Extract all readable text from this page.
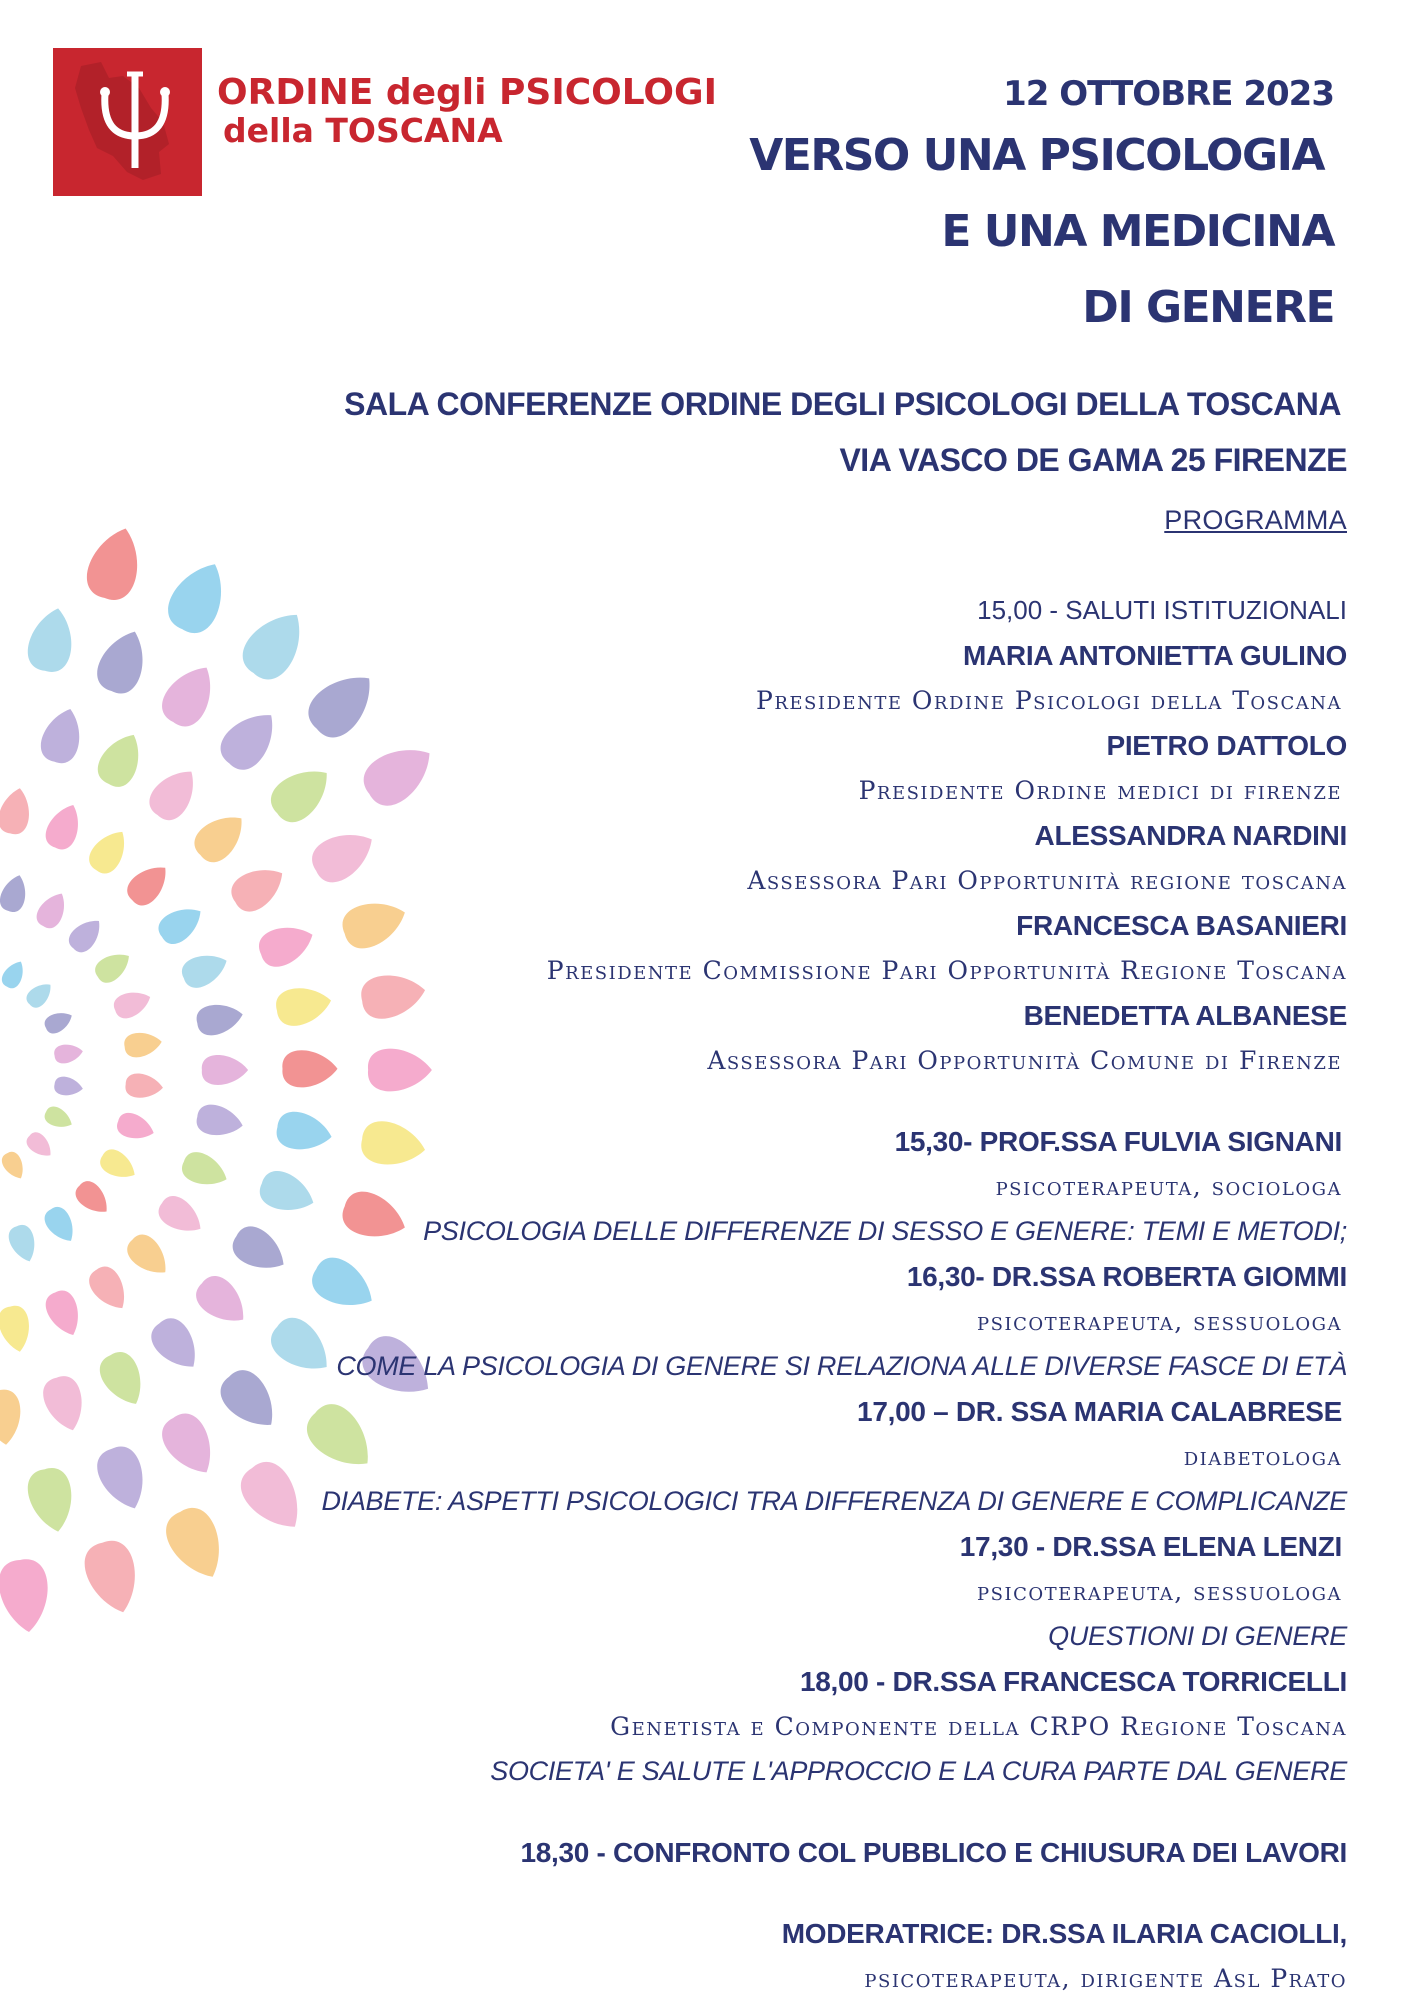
ORDINE degli PSICOLOGI
della TOSCANA
12 OTTOBRE 2023
VERSO UNA PSICOLOGIA
E UNA MEDICINA
DI GENERE
SALA CONFERENZE ORDINE DEGLI PSICOLOGI DELLA TOSCANA
VIA VASCO DE GAMA 25 FIRENZE
PROGRAMMA
15,00 - SALUTI ISTITUZIONALI
MARIA ANTONIETTA GULINO
Presidente Ordine Psicologi della Toscana
PIETRO DATTOLO
Presidente Ordine medici di firenze
ALESSANDRA NARDINI
Assessora Pari Opportunità regione toscana
FRANCESCA BASANIERI
Presidente Commissione Pari Opportunità Regione Toscana
BENEDETTA ALBANESE
Assessora Pari Opportunità Comune di Firenze
15,30- PROF.SSA FULVIA SIGNANI
psicoterapeuta, sociologa
PSICOLOGIA DELLE DIFFERENZE DI SESSO E GENERE: TEMI E METODI;
16,30- DR.SSA ROBERTA GIOMMI
psicoterapeuta, sessuologa
COME LA PSICOLOGIA DI GENERE SI RELAZIONA ALLE DIVERSE FASCE DI ETÀ
17,00 – DR. SSA MARIA CALABRESE
diabetologa
DIABETE: ASPETTI PSICOLOGICI TRA DIFFERENZA DI GENERE E COMPLICANZE
17,30 - DR.SSA ELENA LENZI
psicoterapeuta, sessuologa
QUESTIONI DI GENERE
18,00 - DR.SSA FRANCESCA TORRICELLI
Genetista e Componente della CRPO Regione Toscana
SOCIETA' E SALUTE L'APPROCCIO E LA CURA PARTE DAL GENERE
18,30 - CONFRONTO COL PUBBLICO E CHIUSURA DEI LAVORI
MODERATRICE: DR.SSA ILARIA CACIOLLI,
psicoterapeuta, dirigente Asl Prato
